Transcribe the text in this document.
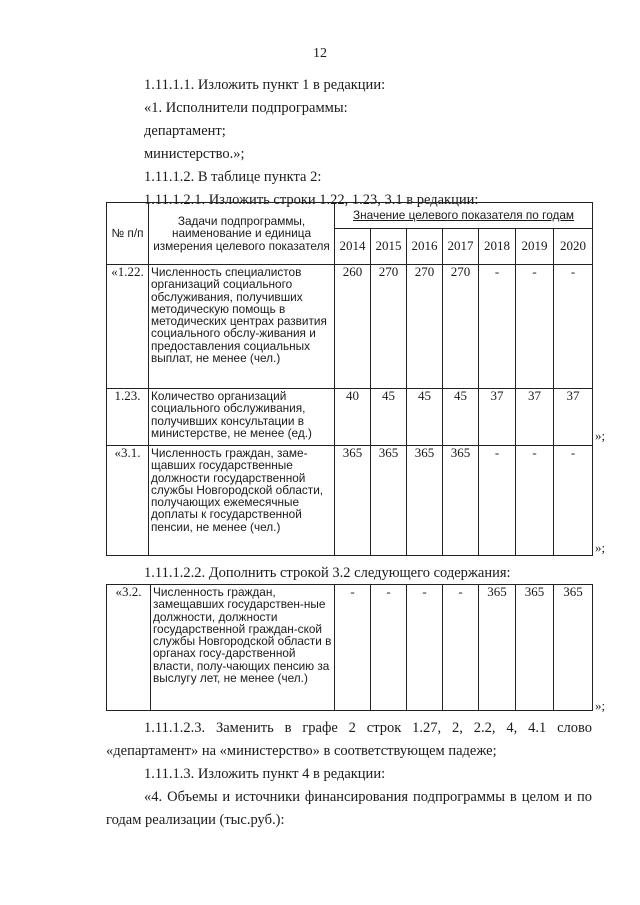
12
1.11.1.1. Изложить пункт 1 в редакции:
«1. Исполнители подпрограммы:
департамент;
министерство.»;
1.11.1.2. В таблице пункта 2:
1.11.1.2.1. Изложить строки 1.22, 1.23, 3.1 в редакции:
№ п/п	Задачи подпрограммы, наименование и единица измерения целевого показателя	Значение целевого показателя по годам						
		2014	2015	2016	2017	2018	2019	2020
«1.22.	Численность специалистов организаций социального обслуживания, получивших методическую помощь в методических центрах развития социального обслу-живания и предоставления социальных выплат, не менее (чел.)	260	270	270	270	-	-	-
1.23.	Количество организаций социального обслуживания, получивших консультации в министерстве, не менее (ед.)	40	45	45	45	37	37	37
«3.1.	Численность граждан, заме-щавших государственные должности государственной службы Новгородской области, получающих ежемесячные доплаты к государственной пенсии, не менее (чел.)	365	365	365	365	-	-	-
»;
»;
1.11.1.2.2. Дополнить строкой 3.2 следующего содержания:
«3.2.	Численность граждан, замещавших государствен-ные должности, должности государственной граждан-ской службы Новгородской области в органах госу-дарственной власти, полу-чающих пенсию за выслугу лет, не менее (чел.)	-	-	-	-	365	365	365
»;
1.11.1.2.3. Заменить в графе 2 строк 1.27, 2, 2.2, 4, 4.1 слово
«департамент» на «министерство» в соответствующем падеже;
1.11.1.3. Изложить пункт 4 в редакции:
«4. Объемы и источники финансирования подпрограммы в целом и по
годам реализации (тыс.руб.):
